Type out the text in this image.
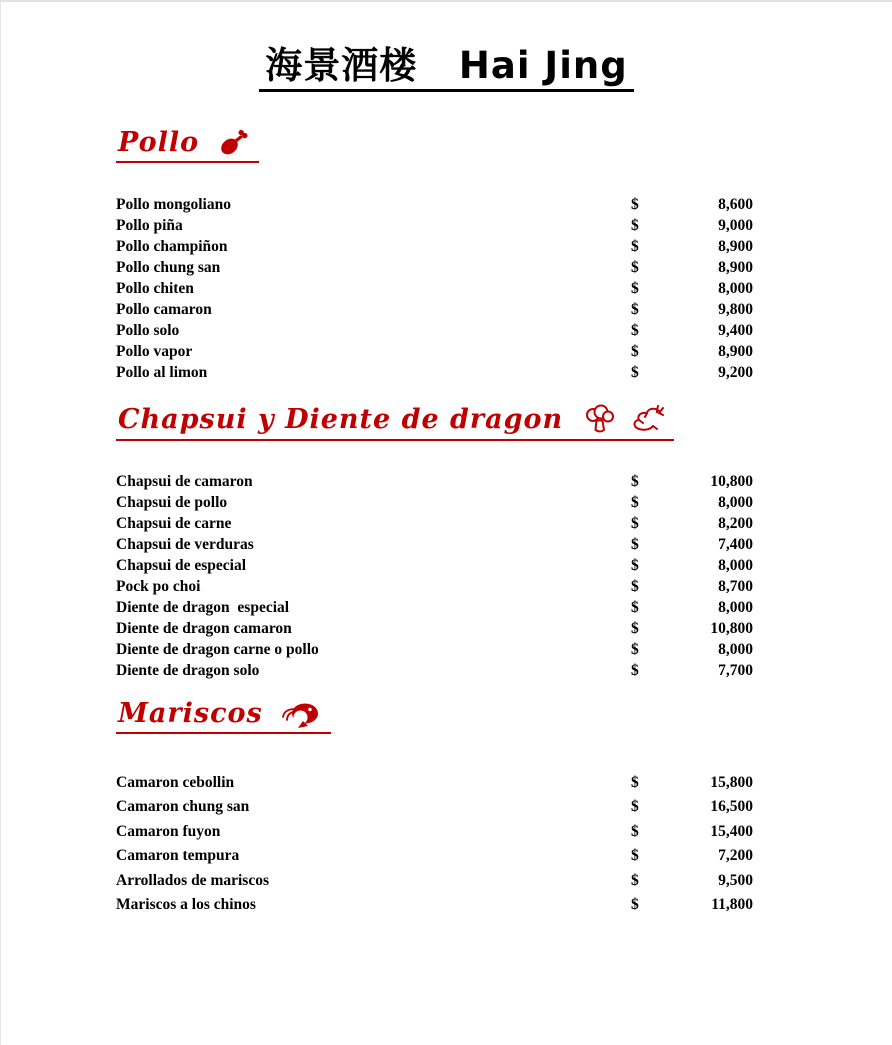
海景酒楼   Hai Jing
Pollo
Pollo mongoliano	$	8,600
Pollo piña	$	9,000
Pollo champiñon	$	8,900
Pollo chung san	$	8,900
Pollo chiten	$	8,000
Pollo camaron	$	9,800
Pollo solo	$	9,400
Pollo vapor	$	8,900
Pollo al limon	$	9,200
Chapsui y Diente de dragon
Chapsui de camaron	$	10,800
Chapsui de pollo	$	8,000
Chapsui de carne	$	8,200
Chapsui de verduras	$	7,400
Chapsui de especial	$	8,000
Pock po choi	$	8,700
Diente de dragon  especial	$	8,000
Diente de dragon camaron	$	10,800
Diente de dragon carne o pollo	$	8,000
Diente de dragon solo	$	7,700
Mariscos
Camaron cebollin	$	15,800
Camaron chung san	$	16,500
Camaron fuyon	$	15,400
Camaron tempura	$	7,200
Arrollados de mariscos	$	9,500
Mariscos a los chinos	$	11,800
